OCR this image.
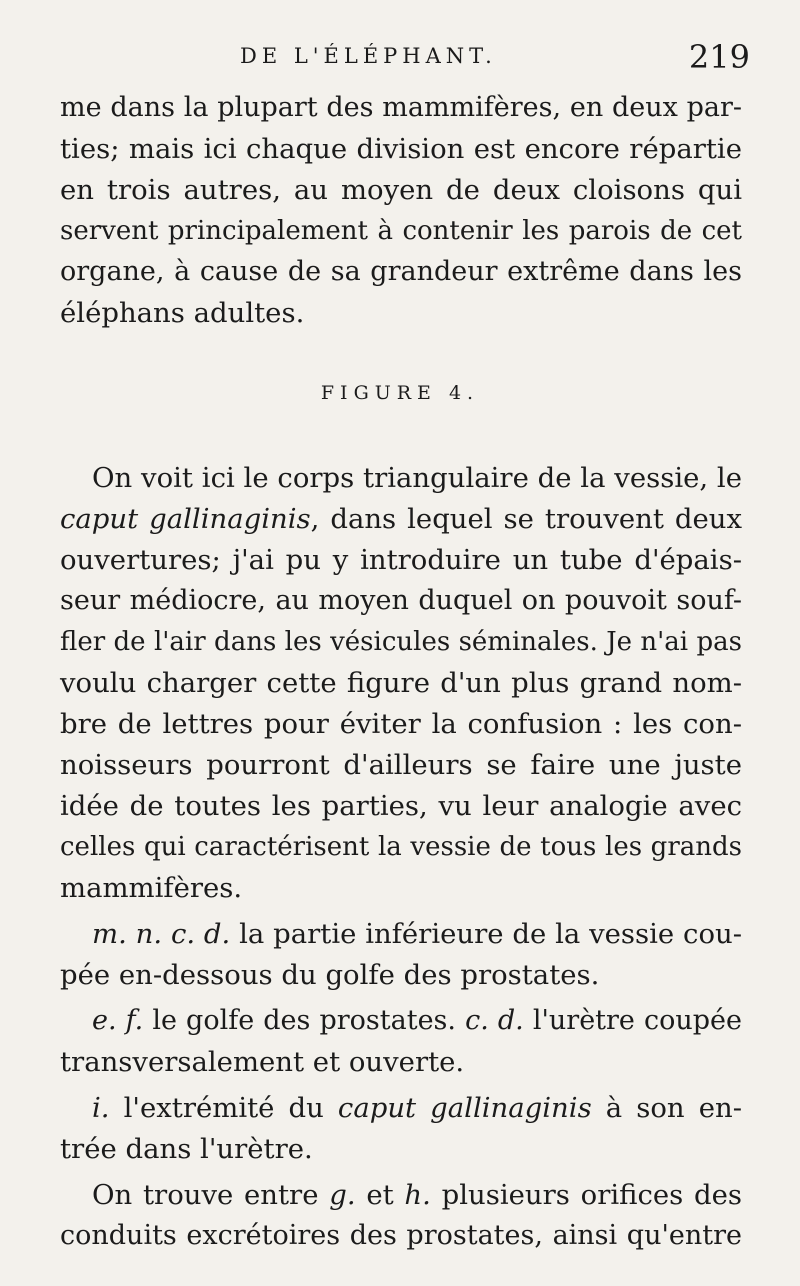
DE L'ÉLÉPHANT.	219
me dans la plupart des mammifères, en deux par-
ties; mais ici chaque division est encore répartie
en trois autres, au moyen de deux cloisons qui
servent principalement à contenir les parois de cet
organe, à cause de sa grandeur extrême dans les
éléphans adultes.
FIGURE 4.
On voit ici le corps triangulaire de la vessie, le
caput gallinaginis, dans lequel se trouvent deux
ouvertures; j'ai pu y introduire un tube d'épais-
seur médiocre, au moyen duquel on pouvoit souf-
fler de l'air dans les vésicules séminales. Je n'ai pas
voulu charger cette figure d'un plus grand nom-
bre de lettres pour éviter la confusion : les con-
noisseurs pourront d'ailleurs se faire une juste
idée de toutes les parties, vu leur analogie avec
celles qui caractérisent la vessie de tous les grands
mammifères.
m. n. c. d. la partie inférieure de la vessie cou-
pée en-dessous du golfe des prostates.
e. f. le golfe des prostates. c. d. l'urètre coupée
transversalement et ouverte.
i. l'extrémité du caput gallinaginis à son en-
trée dans l'urètre.
On trouve entre g. et h. plusieurs orifices des
conduits excrétoires des prostates, ainsi qu'entre
